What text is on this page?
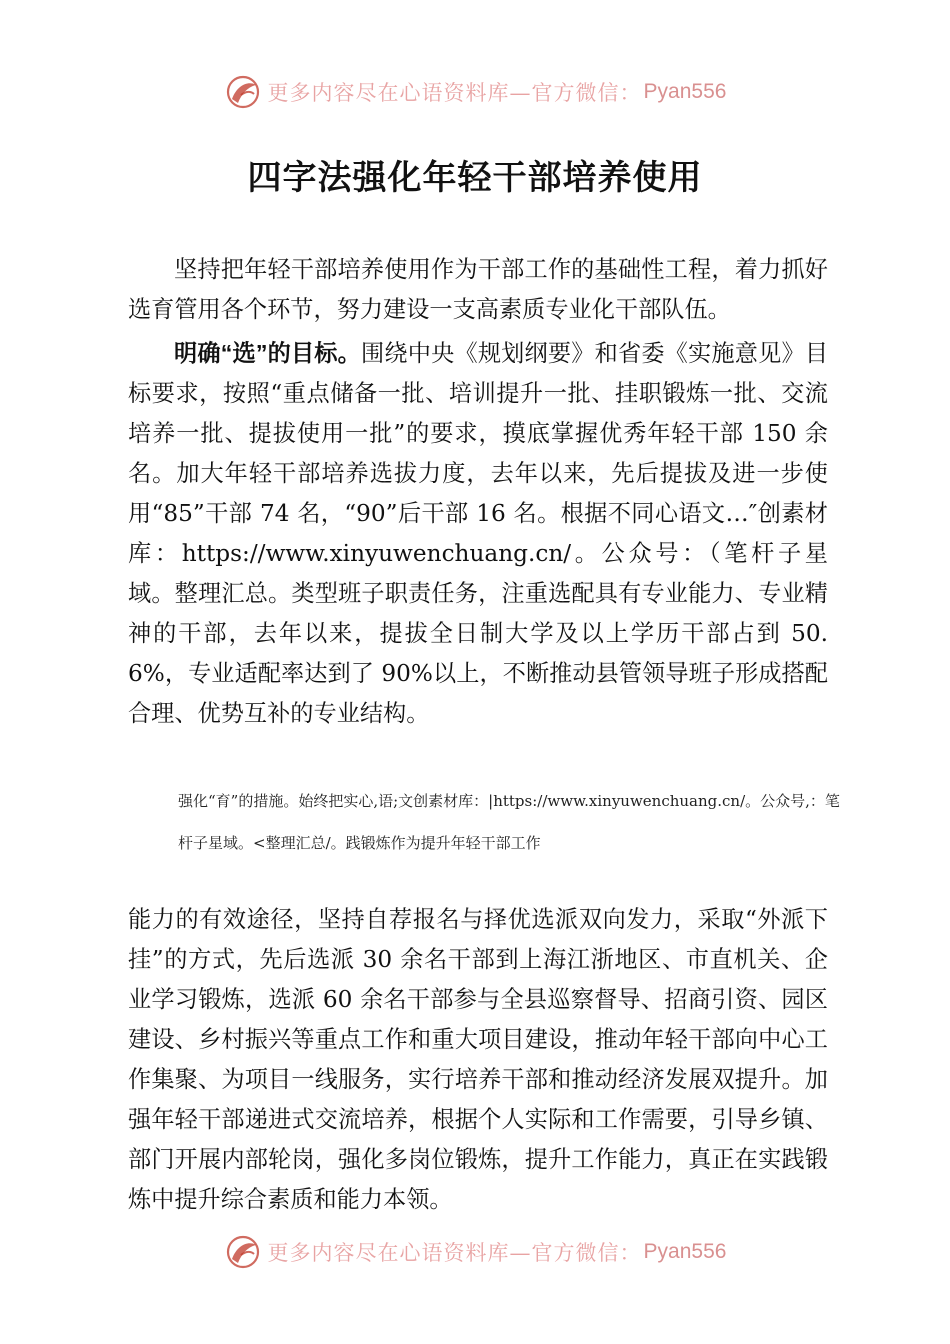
更多内容尽在心语资料库—官方微信： Pyan556
四字法强化年轻干部培养使用

坚持把年轻干部培养使用作为干部工作的基础性工程，着力抓好选育管用各个环节，努力建设一支高素质专业化干部队伍。

明确“选”的目标。围绕中央《规划纲要》和省委《实施意见》目标要求，按照“重点储备一批、培训提升一批、挂职锻炼一批、交流培养一批、提拔使用一批”的要求，摸底掌握优秀年轻干部 150 余名。加大年轻干部培养选拔力度，去年以来，先后提拔及进一步使用“85”干部 74 名，“90”后干部 16 名。根据不同心语文…″创素材库：https://www.xinyuwenchuang.cn/。公众号：（笔杆子星域。整理汇总。类型班子职责任务，注重选配具有专业能力、专业精神的干部，去年以来，提拔全日制大学及以上学历干部占到 50.6%，专业适配率达到了 90%以上，不断推动县管领导班子形成搭配合理、优势互补的专业结构。

强化“育”的措施。始终把实心,语;文创素材库：|https://www.xinyuwenchuang.cn/。公众号,：笔杆子星域。<整理汇总/。践锻炼作为提升年轻干部工作

能力的有效途径，坚持自荐报名与择优选派双向发力，采取“外派下挂”的方式，先后选派 30 余名干部到上海江浙地区、市直机关、企业学习锻炼，选派 60 余名干部参与全县巡察督导、招商引资、园区建设、乡村振兴等重点工作和重大项目建设，推动年轻干部向中心工作集聚、为项目一线服务，实行培养干部和推动经济发展双提升。加强年轻干部递进式交流培养，根据个人实际和工作需要，引导乡镇、部门开展内部轮岗，强化多岗位锻炼，提升工作能力，真正在实践锻炼中提升综合素质和能力本领。

更多内容尽在心语资料库—官方微信： Pyan556
